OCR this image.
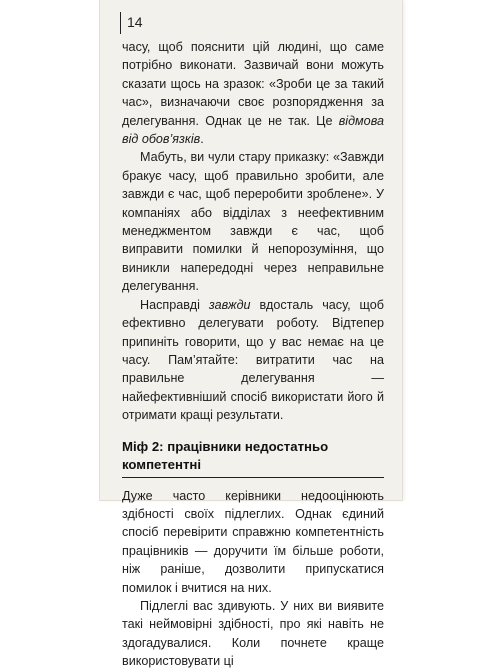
14

часу, щоб пояснити цій людині, що саме потрібно виконати. Зазвичай вони можуть сказати щось на зразок: «Зроби це за такий час», визначаючи своє розпорядження за делегування. Однак це не так. Це відмова від обов’язків.

Мабуть, ви чули стару приказку: «Завжди бракує часу, щоб правильно зробити, але завжди є час, щоб переробити зроблене». У компаніях або відділах з неефективним менеджментом завжди є час, щоб виправити помилки й непорозуміння, що виникли напередодні через неправильне делегування.

Насправді завжди вдосталь часу, щоб ефективно делегувати роботу. Відтепер припиніть говорити, що у вас немає на це часу. Пам’ятайте: витратити час на правильне делегування — найефективніший спосіб використати його й отримати кращі результати.

Міф 2: працівники недостатньо компетентні

Дуже часто керівники недооцінюють здібності своїх підлеглих. Однак єдиний спосіб перевірити справжню компетентність працівників — доручити їм більше роботи, ніж раніше, дозволити припускатися помилок і вчитися на них.

Підлеглі вас здивують. У них ви виявите такі неймовірні здібності, про які навіть не здогадувалися. Коли почнете краще використовувати ці
